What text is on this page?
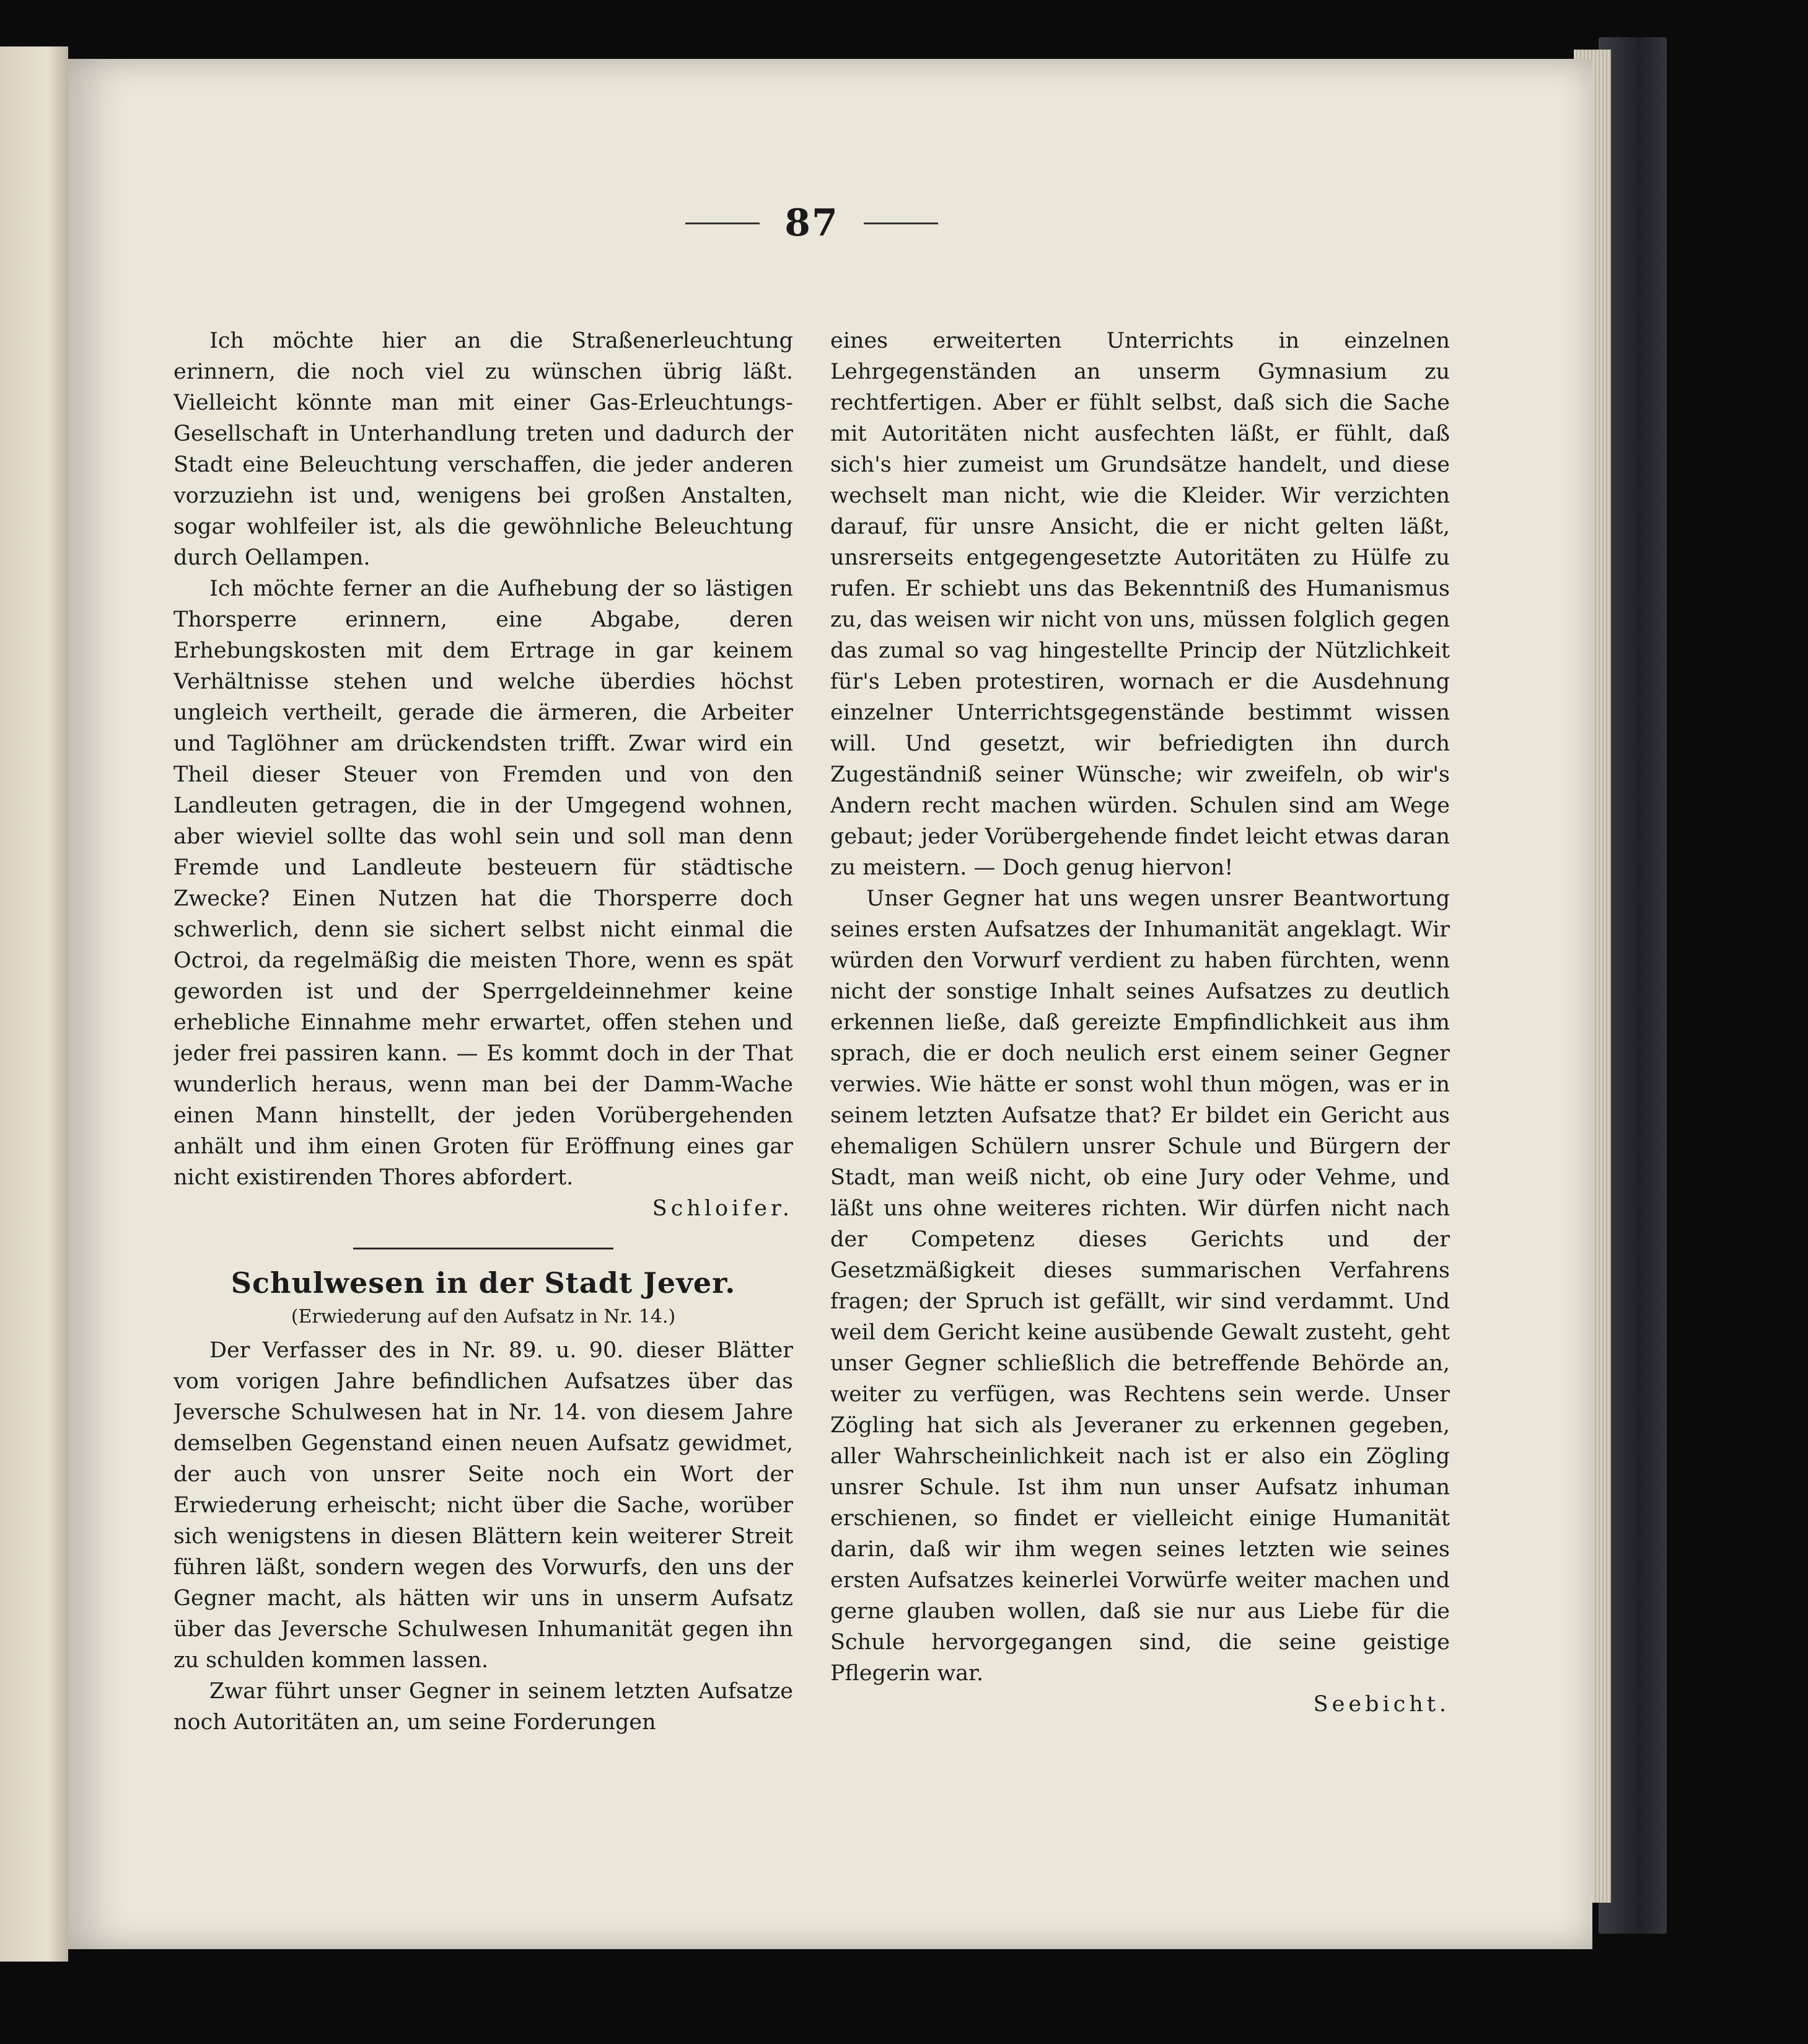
87

Ich möchte hier an die Straßenerleuchtung erinnern, die noch viel zu wünschen übrig läßt. Vielleicht könnte man mit einer Gas-Erleuchtungs-Gesellschaft in Unterhandlung treten und dadurch der Stadt eine Beleuchtung verschaffen, die jeder anderen vorzuziehn ist und, wenigens bei großen Anstalten, sogar wohlfeiler ist, als die gewöhnliche Beleuchtung durch Oellampen.

Ich möchte ferner an die Aufhebung der so lästigen Thorsperre erinnern, eine Abgabe, deren Erhebungskosten mit dem Ertrage in gar keinem Verhältnisse stehen und welche überdies höchst ungleich vertheilt, gerade die ärmeren, die Arbeiter und Taglöhner am drückendsten trifft. Zwar wird ein Theil dieser Steuer von Fremden und von den Landleuten getragen, die in der Umgegend wohnen, aber wieviel sollte das wohl sein und soll man denn Fremde und Landleute besteuern für städtische Zwecke? Einen Nutzen hat die Thorsperre doch schwerlich, denn sie sichert selbst nicht einmal die Octroi, da regelmäßig die meisten Thore, wenn es spät geworden ist und der Sperrgeldeinnehmer keine erhebliche Einnahme mehr erwartet, offen stehen und jeder frei passiren kann. — Es kommt doch in der That wunderlich heraus, wenn man bei der Damm-Wache einen Mann hinstellt, der jeden Vorübergehenden anhält und ihm einen Groten für Eröffnung eines gar nicht existirenden Thores abfordert.

Schloifer.

Schulwesen in der Stadt Jever.
(Erwiederung auf den Aufsatz in Nr. 14.)

Der Verfasser des in Nr. 89. u. 90. dieser Blätter vom vorigen Jahre befindlichen Aufsatzes über das Jeversche Schulwesen hat in Nr. 14. von diesem Jahre demselben Gegenstand einen neuen Aufsatz gewidmet, der auch von unsrer Seite noch ein Wort der Erwiederung erheischt; nicht über die Sache, worüber sich wenigstens in diesen Blättern kein weiterer Streit führen läßt, sondern wegen des Vorwurfs, den uns der Gegner macht, als hätten wir uns in unserm Aufsatz über das Jeversche Schulwesen Inhumanität gegen ihn zu schulden kommen lassen.

Zwar führt unser Gegner in seinem letzten Aufsatze noch Autoritäten an, um seine Forderungen

eines erweiterten Unterrichts in einzelnen Lehrgegenständen an unserm Gymnasium zu rechtfertigen. Aber er fühlt selbst, daß sich die Sache mit Autoritäten nicht ausfechten läßt, er fühlt, daß sich's hier zumeist um Grundsätze handelt, und diese wechselt man nicht, wie die Kleider. Wir verzichten darauf, für unsre Ansicht, die er nicht gelten läßt, unsrerseits entgegengesetzte Autoritäten zu Hülfe zu rufen. Er schiebt uns das Bekenntniß des Humanismus zu, das weisen wir nicht von uns, müssen folglich gegen das zumal so vag hingestellte Princip der Nützlichkeit für's Leben protestiren, wornach er die Ausdehnung einzelner Unterrichtsgegenstände bestimmt wissen will. Und gesetzt, wir befriedigten ihn durch Zugeständniß seiner Wünsche; wir zweifeln, ob wir's Andern recht machen würden. Schulen sind am Wege gebaut; jeder Vorübergehende findet leicht etwas daran zu meistern. — Doch genug hiervon!

Unser Gegner hat uns wegen unsrer Beantwortung seines ersten Aufsatzes der Inhumanität angeklagt. Wir würden den Vorwurf verdient zu haben fürchten, wenn nicht der sonstige Inhalt seines Aufsatzes zu deutlich erkennen ließe, daß gereizte Empfindlichkeit aus ihm sprach, die er doch neulich erst einem seiner Gegner verwies. Wie hätte er sonst wohl thun mögen, was er in seinem letzten Aufsatze that? Er bildet ein Gericht aus ehemaligen Schülern unsrer Schule und Bürgern der Stadt, man weiß nicht, ob eine Jury oder Vehme, und läßt uns ohne weiteres richten. Wir dürfen nicht nach der Competenz dieses Gerichts und der Gesetzmäßigkeit dieses summarischen Verfahrens fragen; der Spruch ist gefällt, wir sind verdammt. Und weil dem Gericht keine ausübende Gewalt zusteht, geht unser Gegner schließlich die betreffende Behörde an, weiter zu verfügen, was Rechtens sein werde. Unser Zögling hat sich als Jeveraner zu erkennen gegeben, aller Wahrscheinlichkeit nach ist er also ein Zögling unsrer Schule. Ist ihm nun unser Aufsatz inhuman erschienen, so findet er vielleicht einige Humanität darin, daß wir ihm wegen seines letzten wie seines ersten Aufsatzes keinerlei Vorwürfe weiter machen und gerne glauben wollen, daß sie nur aus Liebe für die Schule hervorgegangen sind, die seine geistige Pflegerin war.

Seebicht.
